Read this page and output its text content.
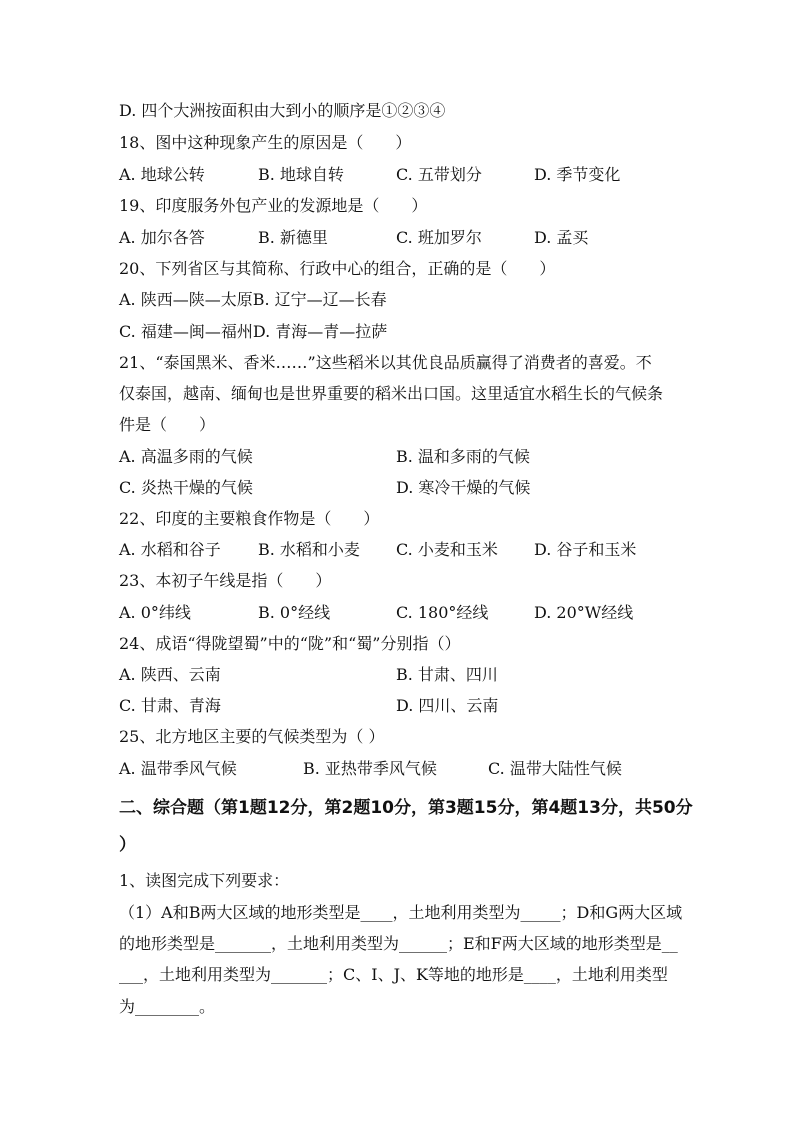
D. 四个大洲按面积由大到小的顺序是①②③④
18、图中这种现象产生的原因是（　　）
A. 地球公转	B. 地球自转	C. 五带划分	D. 季节变化
19、印度服务外包产业的发源地是（　　）
A. 加尔各答	B. 新德里	C. 班加罗尔	D. 孟买
20、下列省区与其简称、行政中心的组合，正确的是（　　）
A. 陕西—陕—太原B. 辽宁—辽—长春
C. 福建—闽—福州D. 青海—青—拉萨
21、“泰国黑米、香米……”这些稻米以其优良品质赢得了消费者的喜爱。不
仅泰国，越南、缅甸也是世界重要的稻米出口国。这里适宜水稻生长的气候条
件是（　　）
A. 高温多雨的气候	B. 温和多雨的气候
C. 炎热干燥的气候	D. 寒冷干燥的气候
22、印度的主要粮食作物是（　　）
A. 水稻和谷子 B. 水稻和小麦 C. 小麦和玉米 D. 谷子和玉米
23、本初子午线是指（　　）
A. 0°纬线	B. 0°经线	C. 180°经线	D. 20°W经线
24、成语“得陇望蜀”中的“陇”和“蜀”分别指（）
A. 陕西、云南	B. 甘肃、四川
C. 甘肃、青海	D. 四川、云南
25、北方地区主要的气候类型为（ ）
A. 温带季风气候	B. 亚热带季风气候	C. 温带大陆性气候
二、综合题（第1题12分，第2题10分，第3题15分，第4题13分，共50分
）
1、读图完成下列要求：
（1）A和B两大区域的地形类型是____，土地利用类型为_____；D和G两大区域
的地形类型是_______，土地利用类型为______；E和F两大区域的地形类型是__
___，土地利用类型为_______；C、I、J、K等地的地形是____，土地利用类型
为________。
